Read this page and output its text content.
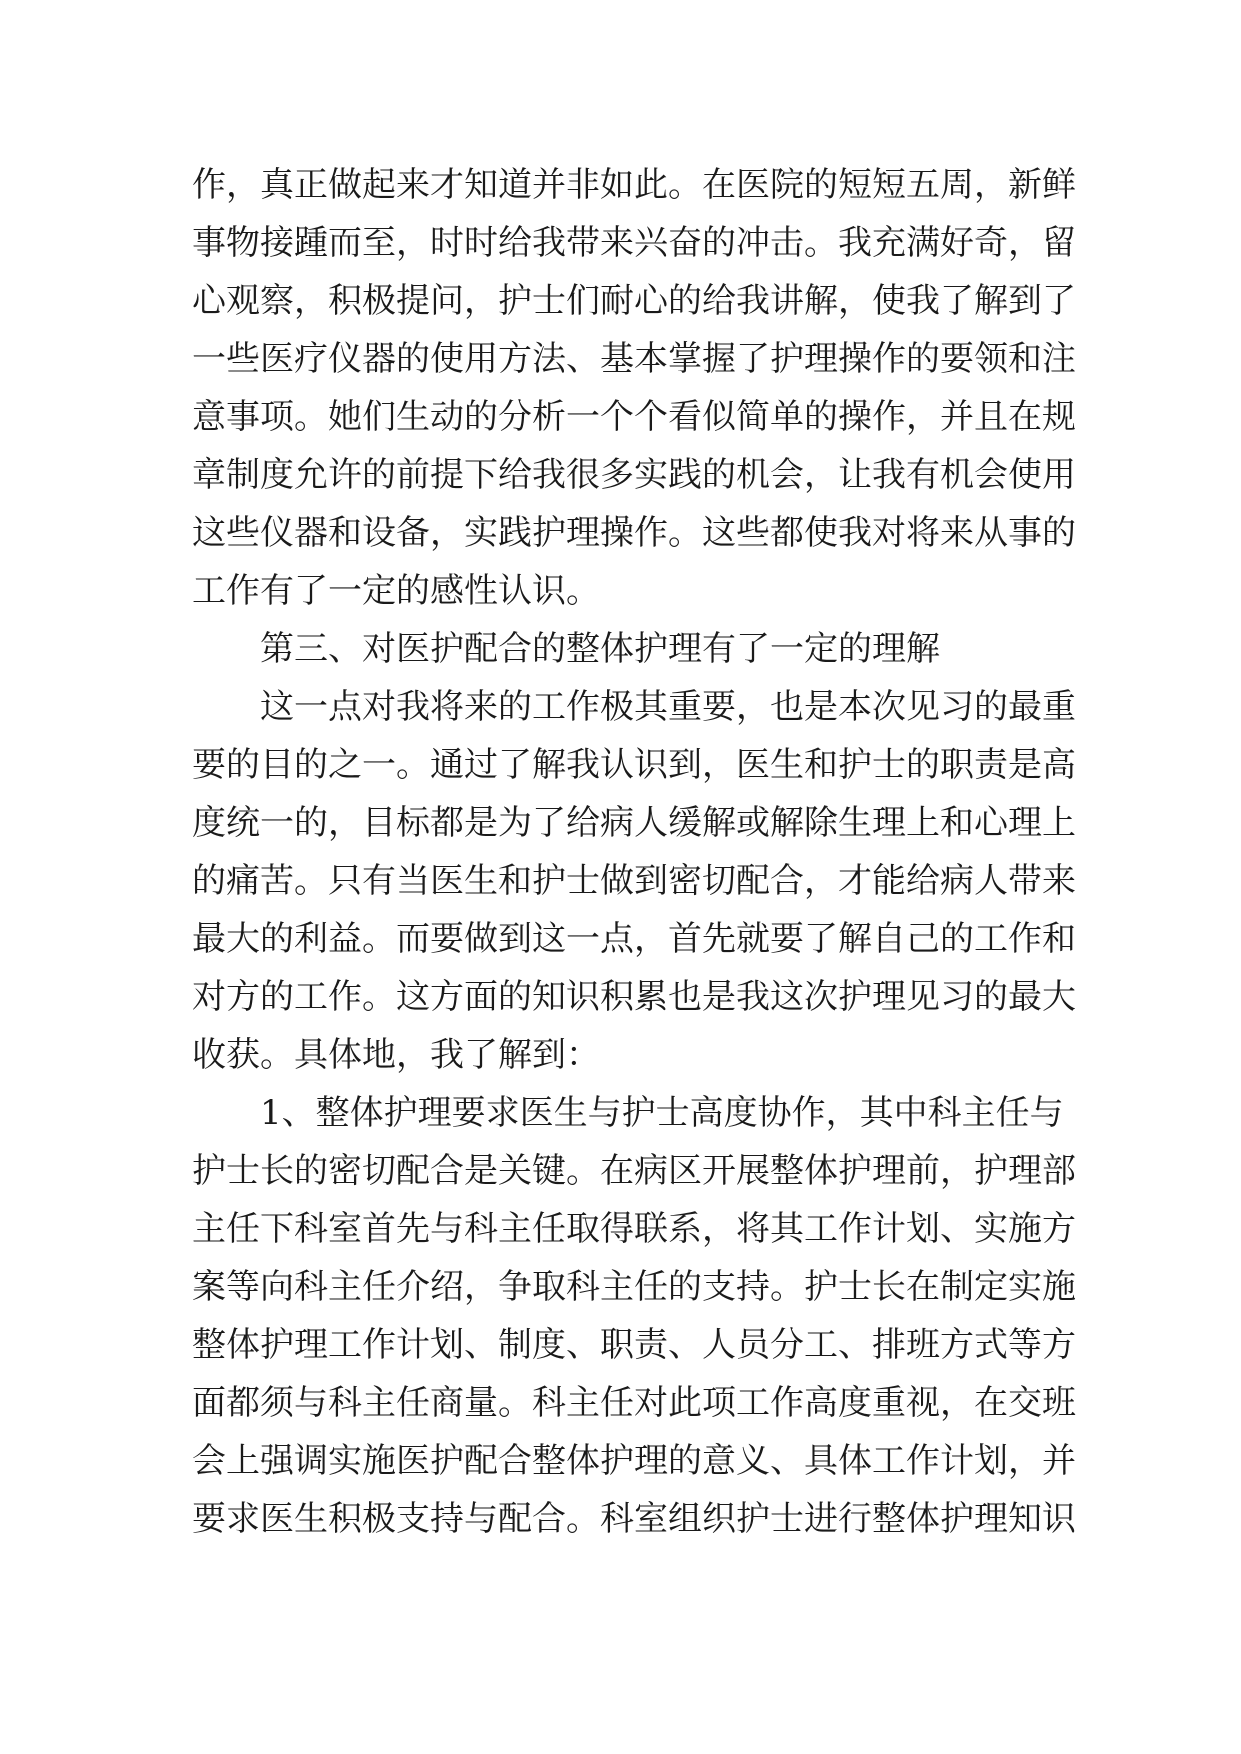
作，真正做起来才知道并非如此。在医院的短短五周，新鲜
事物接踵而至，时时给我带来兴奋的冲击。我充满好奇，留
心观察，积极提问，护士们耐心的给我讲解，使我了解到了
一些医疗仪器的使用方法、基本掌握了护理操作的要领和注
意事项。她们生动的分析一个个看似简单的操作，并且在规
章制度允许的前提下给我很多实践的机会，让我有机会使用
这些仪器和设备，实践护理操作。这些都使我对将来从事的
工作有了一定的感性认识。
第三、对医护配合的整体护理有了一定的理解
这一点对我将来的工作极其重要，也是本次见习的最重
要的目的之一。通过了解我认识到，医生和护士的职责是高
度统一的，目标都是为了给病人缓解或解除生理上和心理上
的痛苦。只有当医生和护士做到密切配合，才能给病人带来
最大的利益。而要做到这一点，首先就要了解自己的工作和
对方的工作。这方面的知识积累也是我这次护理见习的最大
收获。具体地，我了解到：
1、整体护理要求医生与护士高度协作，其中科主任与
护士长的密切配合是关键。在病区开展整体护理前，护理部
主任下科室首先与科主任取得联系，将其工作计划、实施方
案等向科主任介绍，争取科主任的支持。护士长在制定实施
整体护理工作计划、制度、职责、人员分工、排班方式等方
面都须与科主任商量。科主任对此项工作高度重视，在交班
会上强调实施医护配合整体护理的意义、具体工作计划，并
要求医生积极支持与配合。科室组织护士进行整体护理知识
